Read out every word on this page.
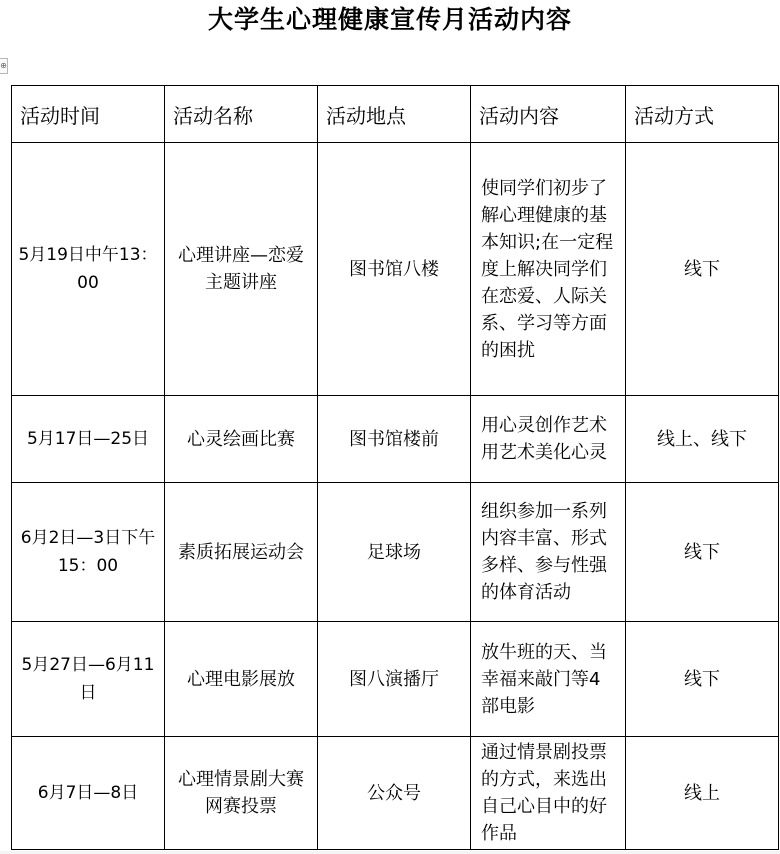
大学生心理健康宣传月活动内容
⊕
活动时间	活动名称	活动地点	活动内容	活动方式
5月19日中午13：00	心理讲座—恋爱主题讲座	图书馆八楼	使同学们初步了解心理健康的基本知识;在一定程度上解决同学们在恋爱、人际关系、学习等方面的困扰	线下
5月17日—25日	心灵绘画比赛	图书馆楼前	用心灵创作艺术 用艺术美化心灵	线上、线下
6月2日—3日下午15：00	素质拓展运动会	足球场	组织参加一系列内容丰富、形式多样、参与性强的体育活动	线下
5月27日—6月11日	心理电影展放	图八演播厅	放牛班的天、当幸福来敲门等4部电影	线下
6月7日—8日	心理情景剧大赛网赛投票	公众号	通过情景剧投票的方式，来选出自己心目中的好作品	线上
